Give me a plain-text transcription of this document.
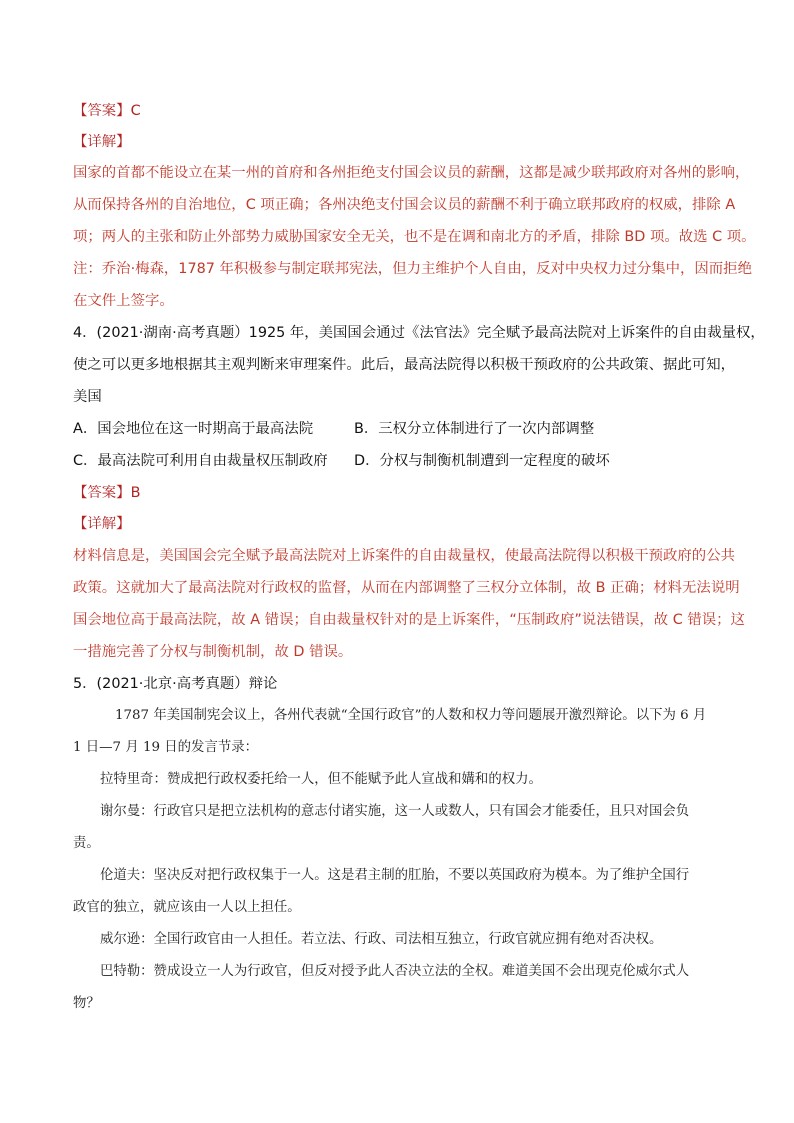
【答案】C
【详解】
国家的首都不能设立在某一州的首府和各州拒绝支付国会议员的薪酬，这都是减少联邦政府对各州的影响，
从而保持各州的自治地位，C 项正确；各州决绝支付国会议员的薪酬不利于确立联邦政府的权威，排除 A
项；两人的主张和防止外部势力威胁国家安全无关，也不是在调和南北方的矛盾，排除 BD 项。故选 C 项。
注：乔治·梅森，1787 年积极参与制定联邦宪法，但力主维护个人自由，反对中央权力过分集中，因而拒绝
在文件上签字。
4．(2021·湖南·高考真题）1925 年，美国国会通过《法官法》完全赋予最高法院对上诉案件的自由裁量权，
使之可以更多地根据其主观判断来审理案件。此后，最高法院得以积极干预政府的公共政策、据此可知，
美国
A．国会地位在这一时期高于最高法院	B．三权分立体制进行了一次内部调整
C．最高法院可利用自由裁量权压制政府 D．分权与制衡机制遭到一定程度的破坏
【答案】B
【详解】
材料信息是，美国国会完全赋予最高法院对上诉案件的自由裁量权，使最高法院得以积极干预政府的公共
政策。这就加大了最高法院对行政权的监督，从而在内部调整了三权分立体制，故 B 正确；材料无法说明
国会地位高于最高法院，故 A 错误；自由裁量权针对的是上诉案件，“压制政府”说法错误，故 C 错误；这
一措施完善了分权与制衡机制，故 D 错误。
5．(2021·北京·高考真题）辩论
1787 年美国制宪会议上，各州代表就“全国行政官”的人数和权力等问题展开激烈辩论。以下为 6 月
1 日—7 月 19 日的发言节录：
拉特里奇：赞成把行政权委托给一人，但不能赋予此人宣战和媾和的权力。
谢尔曼：行政官只是把立法机构的意志付诸实施，这一人或数人，只有国会才能委任，且只对国会负
责。
伦道夫：坚决反对把行政权集于一人。这是君主制的肛胎，不要以英国政府为模本。为了维护全国行
政官的独立，就应该由一人以上担任。
威尔逊：全国行政官由一人担任。若立法、行政、司法相互独立，行政官就应拥有绝对否决权。
巴特勒：赞成设立一人为行政官，但反对授予此人否决立法的全权。难道美国不会出现克伦威尔式人
物？
